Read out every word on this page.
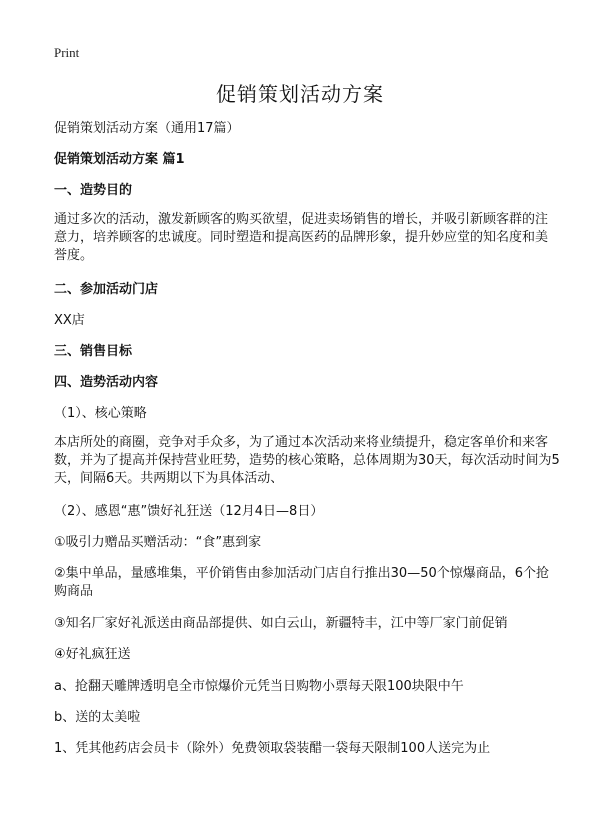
Print
促销策划活动方案

促销策划活动方案（通用17篇）

促销策划活动方案 篇1

一、造势目的

通过多次的活动，激发新顾客的购买欲望，促进卖场销售的增长，并吸引新顾客群的注意力，培养顾客的忠诚度。同时塑造和提高医药的品牌形象，提升妙应堂的知名度和美誉度。

二、参加活动门店

XX店

三、销售目标

四、造势活动内容

（1）、核心策略

本店所处的商圈，竞争对手众多，为了通过本次活动来将业绩提升，稳定客单价和来客数，并为了提高并保持营业旺势，造势的核心策略，总体周期为30天，每次活动时间为5天，间隔6天。共两期以下为具体活动、

（2）、感恩“惠”馈好礼狂送（12月4日—8日）

①吸引力赠品买赠活动：“食”惠到家

②集中单品，量感堆集，平价销售由参加活动门店自行推出30—50个惊爆商品，6个抢购商品

③知名厂家好礼派送由商品部提供、如白云山，新疆特丰，江中等厂家门前促销

④好礼疯狂送

a、抢翻天雕牌透明皂全市惊爆价元凭当日购物小票每天限100块限中午

b、送的太美啦

1、凭其他药店会员卡（除外）免费领取袋装醋一袋每天限制100人送完为止
